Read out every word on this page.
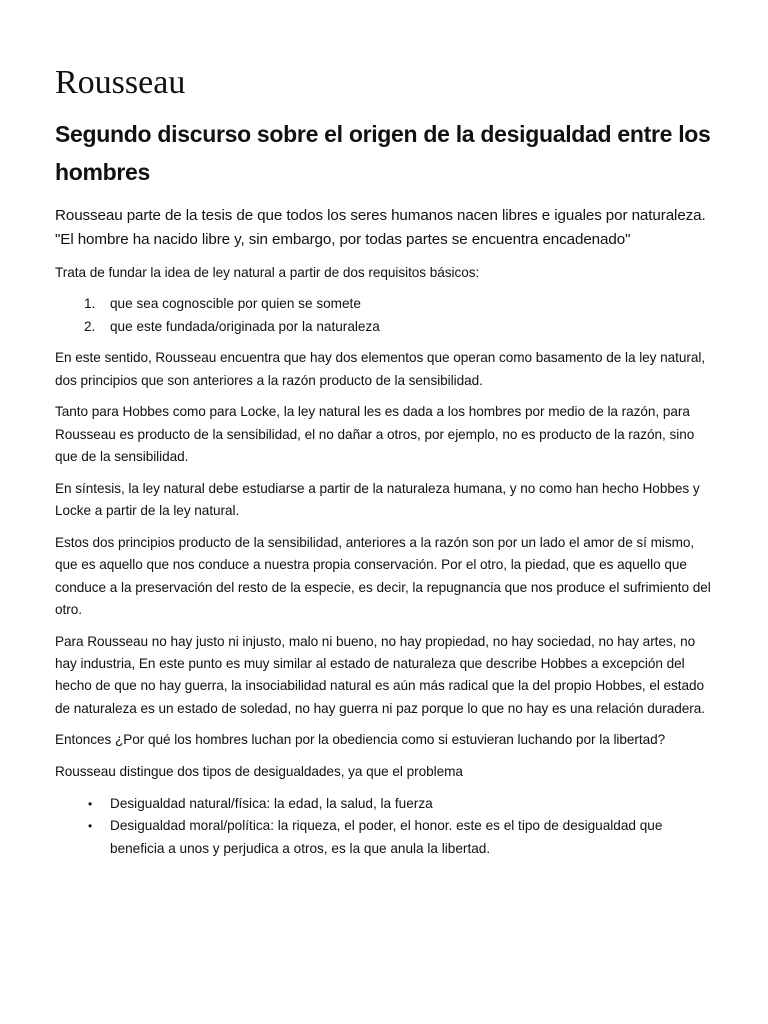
Rousseau
Segundo discurso sobre el origen de la desigualdad entre los hombres

Rousseau parte de la tesis de que todos los seres humanos nacen libres e iguales por naturaleza. "El hombre ha nacido libre y, sin embargo, por todas partes se encuentra encadenado"

Trata de fundar la idea de ley natural a partir de dos requisitos básicos:

1. que sea cognoscible por quien se somete
2. que este fundada/originada por la naturaleza

En este sentido, Rousseau encuentra que hay dos elementos que operan como basamento de la ley natural, dos principios que son anteriores a la razón producto de la sensibilidad.

Tanto para Hobbes como para Locke, la ley natural les es dada a los hombres por medio de la razón, para Rousseau es producto de la sensibilidad, el no dañar a otros, por ejemplo, no es producto de la razón, sino que de la sensibilidad.

En síntesis, la ley natural debe estudiarse a partir de la naturaleza humana, y no como han hecho Hobbes y Locke a partir de la ley natural.

Estos dos principios producto de la sensibilidad, anteriores a la razón son por un lado el amor de sí mismo, que es aquello que nos conduce a nuestra propia conservación. Por el otro, la piedad, que es aquello que conduce a la preservación del resto de la especie, es decir, la repugnancia que nos produce el sufrimiento del otro.

Para Rousseau no hay justo ni injusto, malo ni bueno, no hay propiedad, no hay sociedad, no hay artes, no hay industria, En este punto es muy similar al estado de naturaleza que describe Hobbes a excepción del hecho de que no hay guerra, la insociabilidad natural es aún más radical que la del propio Hobbes, el estado de naturaleza es un estado de soledad, no hay guerra ni paz porque lo que no hay es una relación duradera.

Entonces ¿Por qué los hombres luchan por la obediencia como si estuvieran luchando por la libertad?

Rousseau distingue dos tipos de desigualdades, ya que el problema

• Desigualdad natural/física: la edad, la salud, la fuerza
• Desigualdad moral/política: la riqueza, el poder, el honor. este es el tipo de desigualdad que beneficia a unos y perjudica a otros, es la que anula la libertad.
